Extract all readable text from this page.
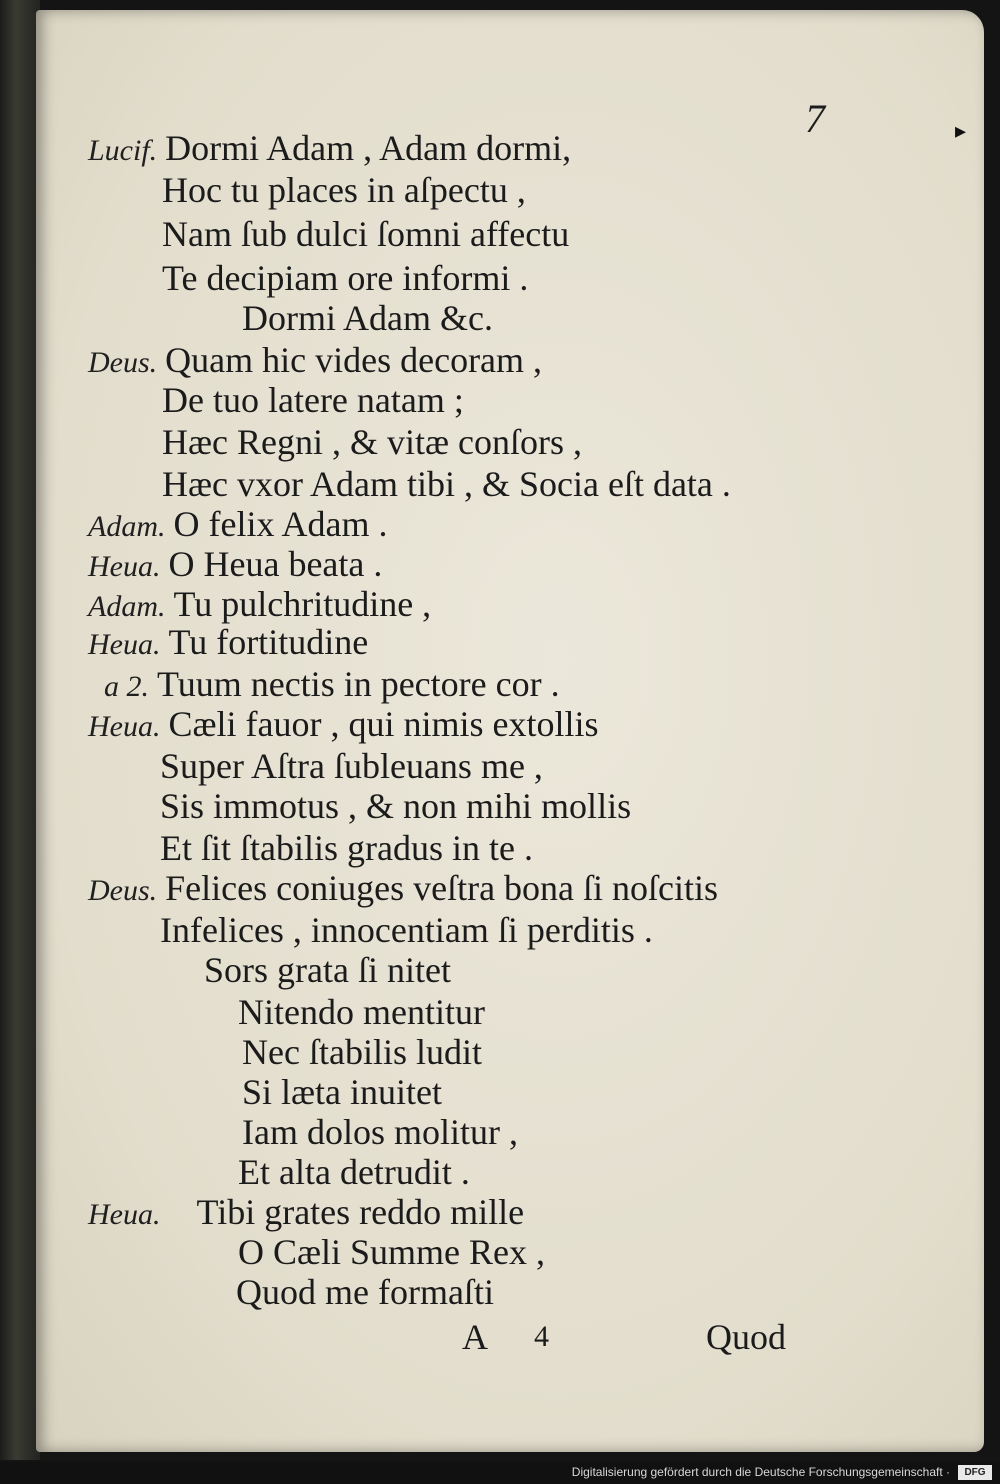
7	▸
Lucif. Dormi Adam , Adam dormi,
Hoc tu places in aſpectu ,
Nam ſub dulci ſomni affectu
Te decipiam ore informi .
Dormi Adam &c.
Deus. Quam hic vides decoram ,
De tuo latere natam ;
Hæc Regni , & vitæ conſors ,
Hæc vxor Adam tibi , & Socia eſt data .
Adam. O felix Adam .
Heua. O Heua beata .
Adam. Tu pulchritudine ,
Heua. Tu fortitudine
a 2. Tuum nectis in pectore cor .
Heua. Cæli fauor , qui nimis extollis
Super Aſtra ſubleuans me ,
Sis immotus , & non mihi mollis
Et ſit ſtabilis gradus in te .
Deus. Felices coniuges veſtra bona ſi noſcitis
Infelices , innocentiam ſi perditis .
Sors grata ſi nitet
Nitendo mentitur
Nec ſtabilis ludit
Si læta inuitet
Iam dolos molitur ,
Et alta detrudit .
Heua. Tibi grates reddo mille
O Cæli Summe Rex ,
Quod me formaſti
A 4	Quod
Digitalisierung gefördert durch die Deutsche Forschungsgemeinschaft ·	DFG
